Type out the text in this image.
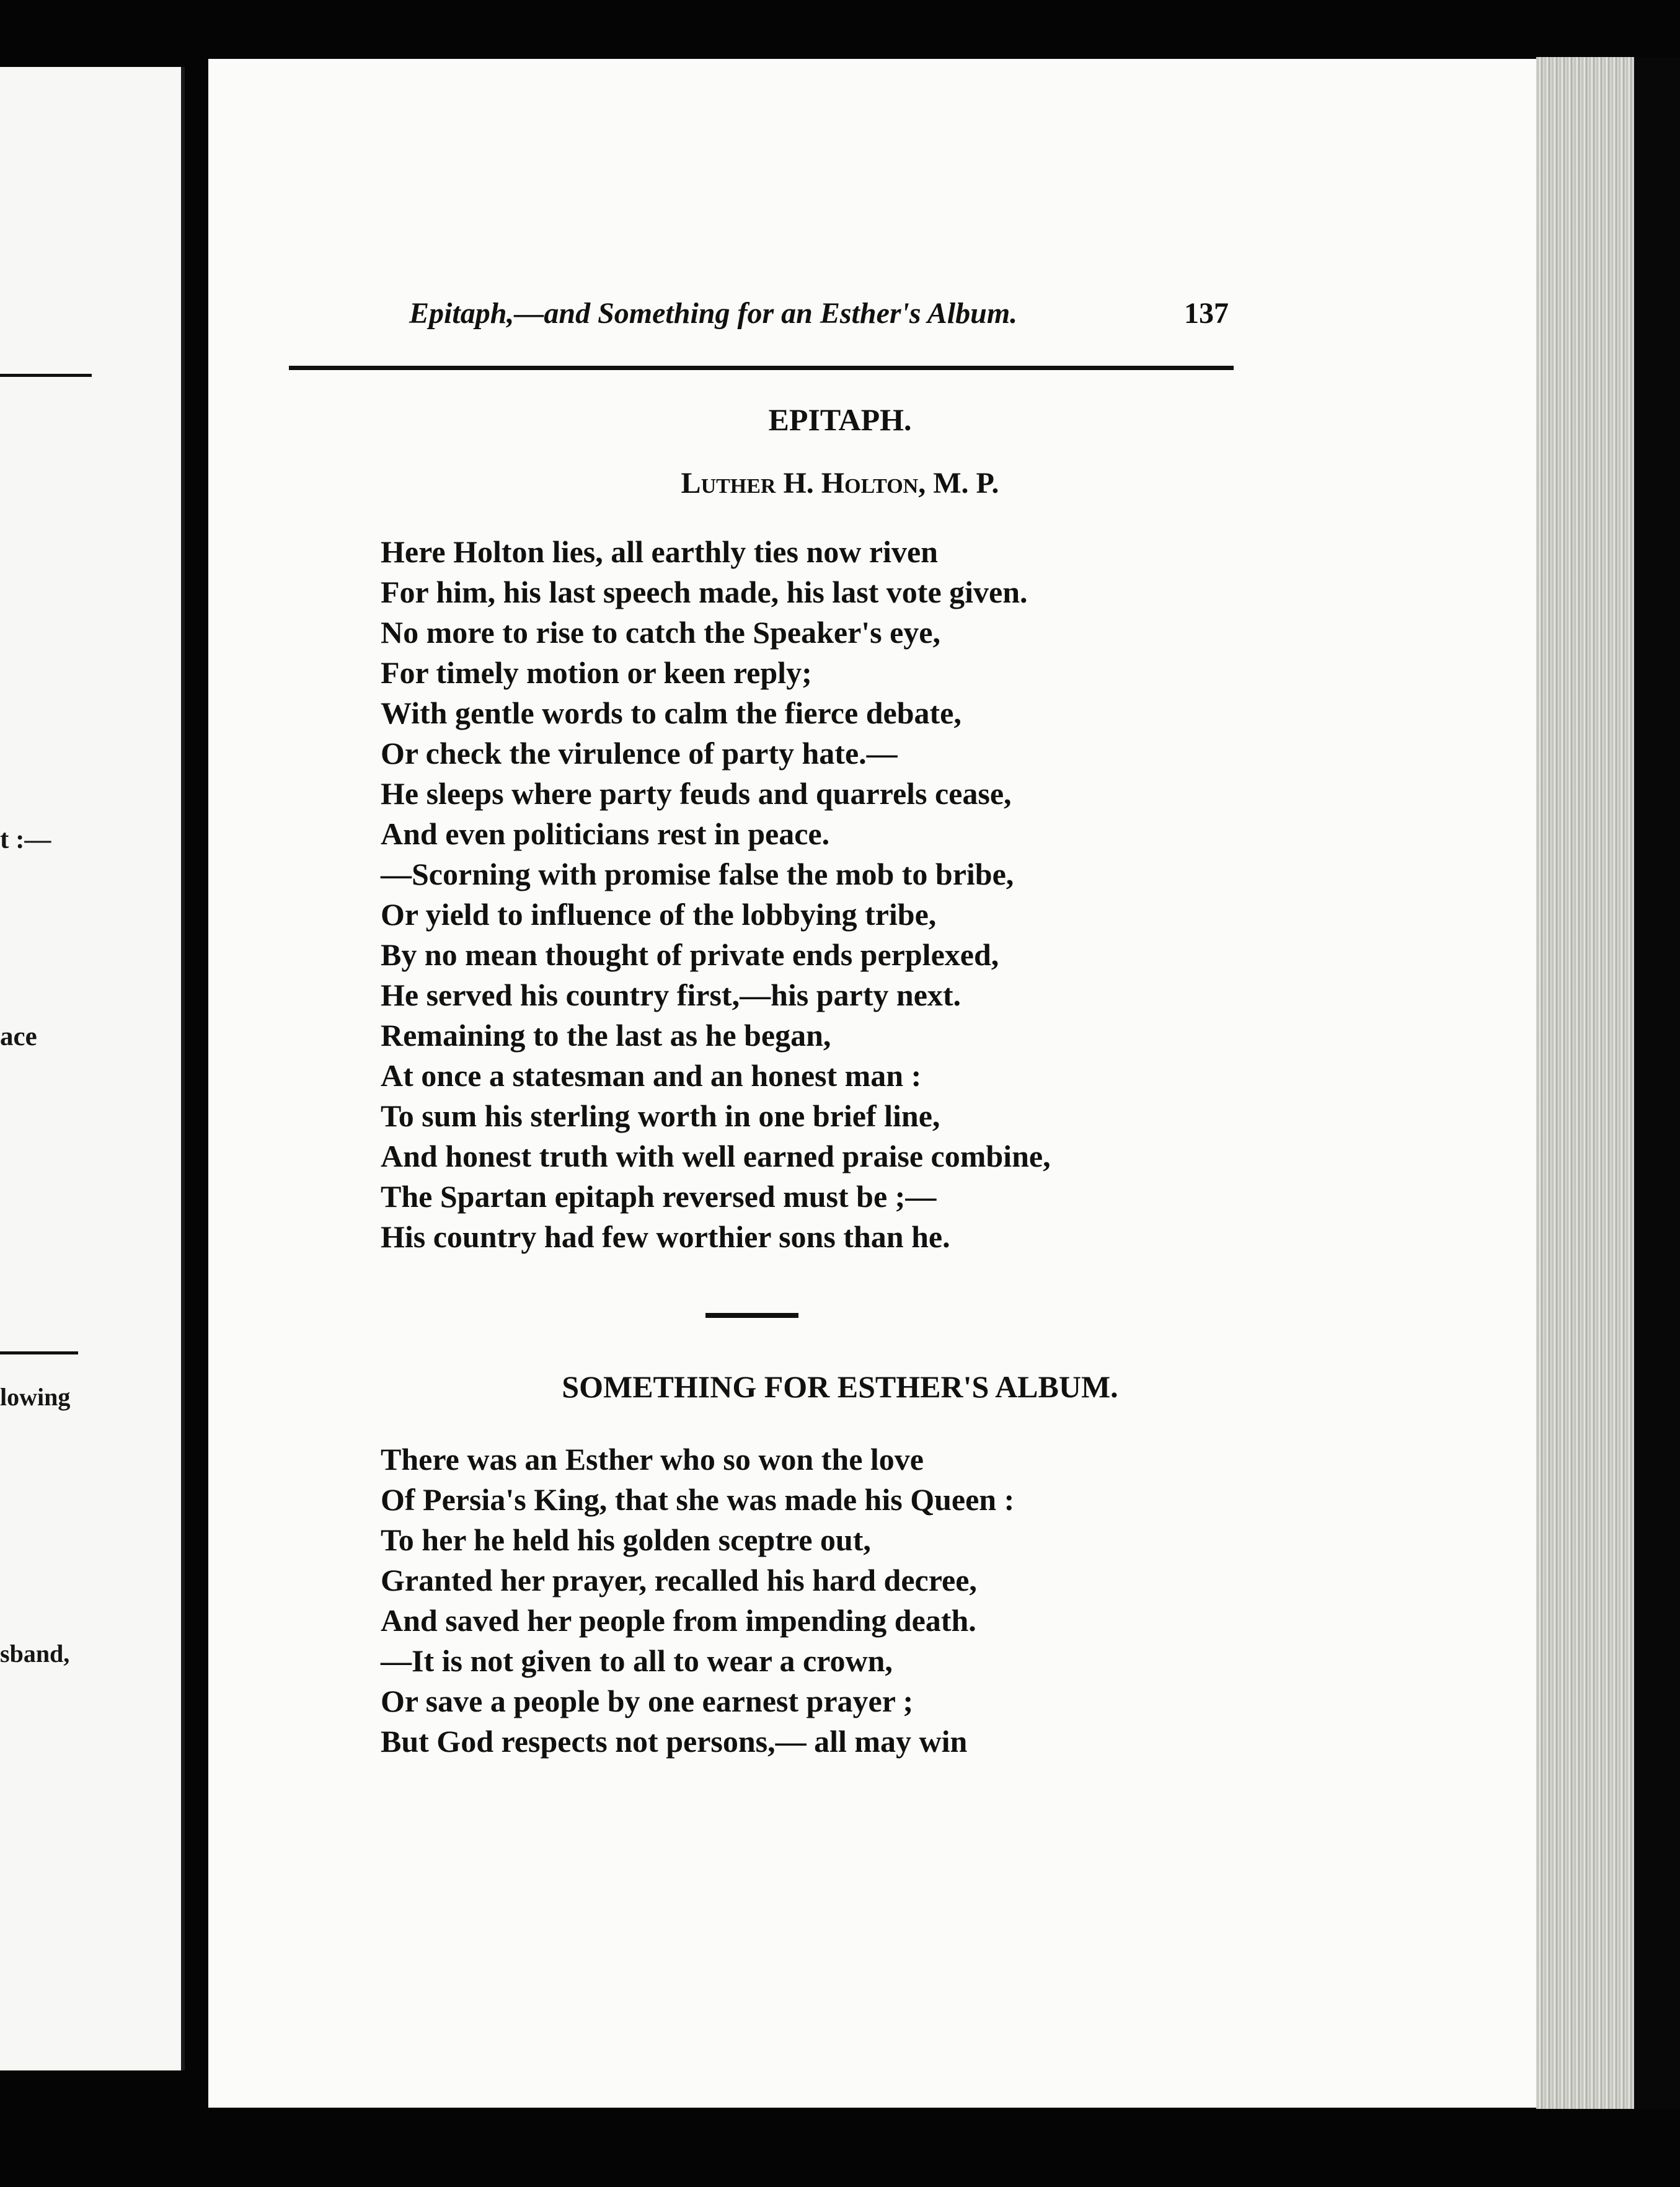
t :—
ace
lowing
sband,
Epitaph,—and Something for an Esther's Album.	137
EPITAPH.
Luther H. Holton, M. P.
Here Holton lies, all earthly ties now riven
For him, his last speech made, his last vote given.
No more to rise to catch the Speaker's eye,
For timely motion or keen reply;
With gentle words to calm the fierce debate,
Or check the virulence of party hate.—
He sleeps where party feuds and quarrels cease,
And even politicians rest in peace.
—Scorning with promise false the mob to bribe,
Or yield to influence of the lobbying tribe,
By no mean thought of private ends perplexed,
He served his country first,—his party next.
Remaining to the last as he began,
At once a statesman and an honest man :
To sum his sterling worth in one brief line,
And honest truth with well earned praise combine,
The Spartan epitaph reversed must be ;—
His country had few worthier sons than he.
SOMETHING FOR ESTHER'S ALBUM.
There was an Esther who so won the love
Of Persia's King, that she was made his Queen :
To her he held his golden sceptre out,
Granted her prayer, recalled his hard decree,
And saved her people from impending death.
—It is not given to all to wear a crown,
Or save a people by one earnest prayer ;
But God respects not persons,— all may win
